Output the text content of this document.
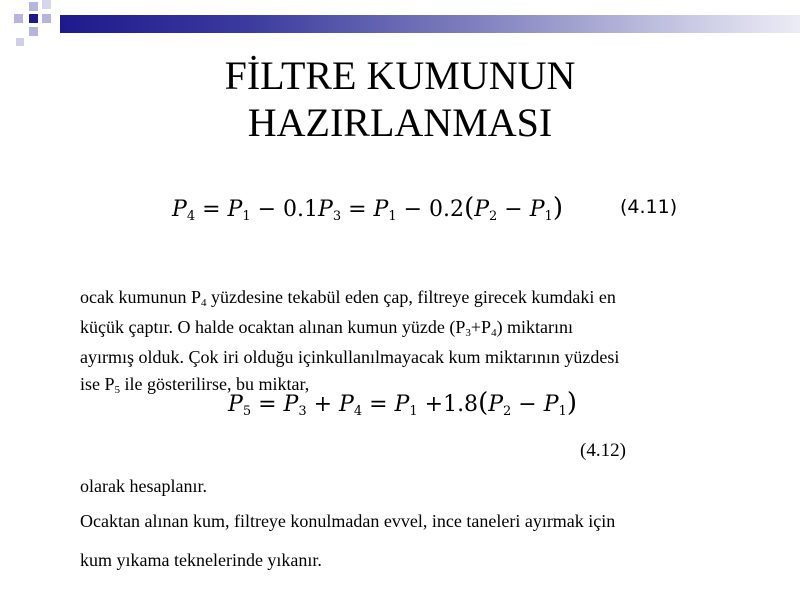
FİLTRE KUMUNUN
HAZIRLANMASI
$P_4 = P_1 - 0.1P_3 = P_1 - 0.2(P_2 - P_1)$	(4.11)
ocak kumunun $P_4$ yüzdesine tekabül eden çap, filtreye girecek kumdaki en
küçük çaptır. O halde ocaktan alınan kumun yüzde $(P_3+P_4)$ miktarını
ayırmış olduk. Çok iri olduğu içinkullanılmayacak kum miktarının yüzdesi
ise $P_5$ ile gösterilirse, bu miktar,
$P_5 = P_3 + P_4 = P_1 +1.8(P_2 - P_1)$
(4.12)
olarak hesaplanır.
Ocaktan alınan kum, filtreye konulmadan evvel, ince taneleri ayırmak için
kum yıkama teknelerinde yıkanır.
